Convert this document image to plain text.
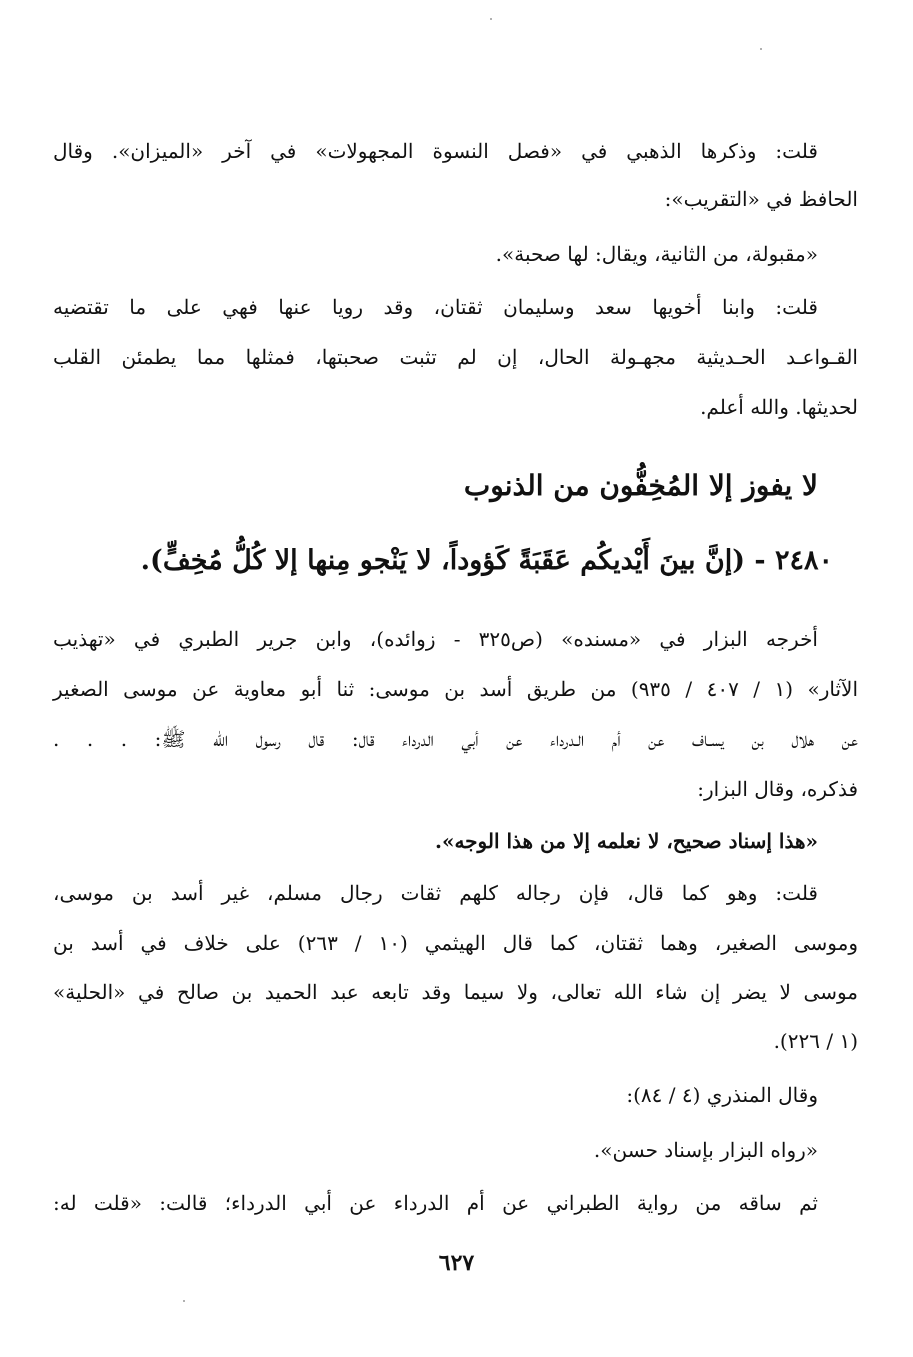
قلت: وذكرها الذهبي في «فصل النسوة المجهولات» في آخر «الميزان». وقال
الحافظ في «التقريب»:
«مقبولة، من الثانية، ويقال: لها صحبة».
قلت: وابنا أخويها سعد وسليمان ثقتان، وقد رويا عنها فهي على ما تقتضيه
القـواعـد الحـديثية مجهـولة الحال، إن لم تثبت صحبتها، فمثلها مما يطمئن القلب
لحديثها. والله أعلم.
لا يفوز إلا المُخِفُّون من الذنوب
٢٤٨٠ - (إنَّ بينَ أَيْديكُم عَقَبَةً كَؤوداً، لا يَنْجو مِنها إلا كُلُّ مُخِفٍّ).
أخرجه البزار في «مسنده» (ص٣٢٥ - زوائده)، وابن جرير الطبري في «تهذيب
الآثار» (١ / ٤٠٧ / ٩٣٥) من طريق أسد بن موسى: ثنا أبو معاوية عن موسى الصغير
عن هلال بن يسـاف عن أم الـدرداء عن أبي الدرداء قال: قال رسول الله ﷺ: . . .
فذكره، وقال البزار:
«هذا إسناد صحيح، لا نعلمه إلا من هذا الوجه».
قلت: وهو كما قال، فإن رجاله كلهم ثقات رجال مسلم، غير أسد بن موسى،
وموسى الصغير، وهما ثقتان، كما قال الهيثمي (١٠ / ٢٦٣) على خلاف في أسد بن
موسى لا يضر إن شاء الله تعالى، ولا سيما وقد تابعه عبد الحميد بن صالح في «الحلية»
(١ / ٢٢٦).
وقال المنذري (٤ / ٨٤):
«رواه البزار بإسناد حسن».
ثم ساقه من رواية الطبراني عن أم الدرداء عن أبي الدرداء؛ قالت: «قلت له:
٦٢٧
